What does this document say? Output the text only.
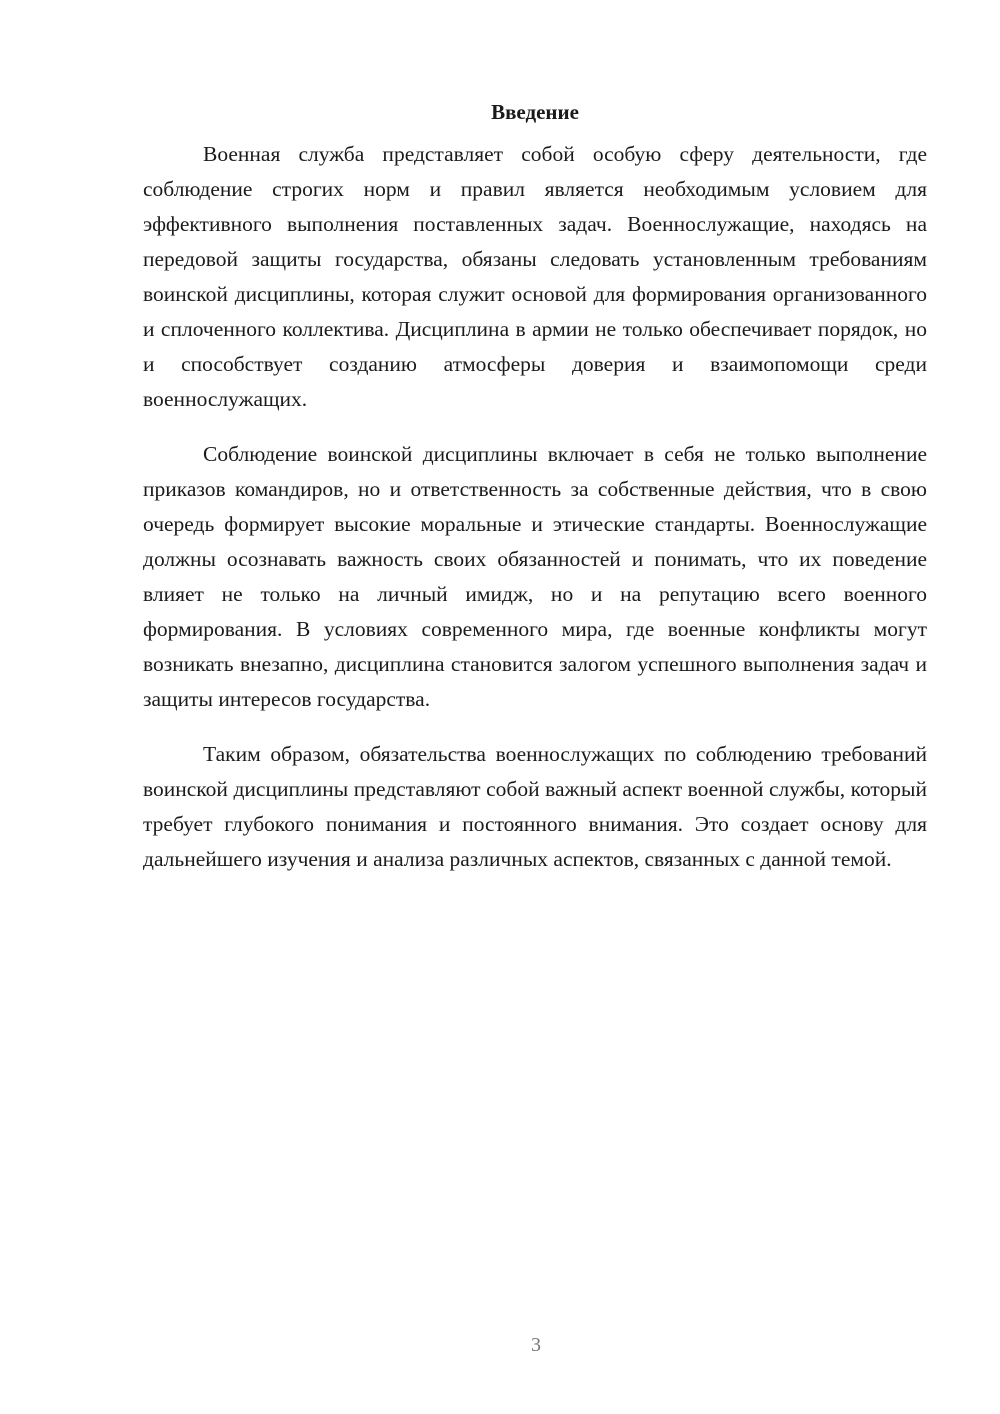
Введение

Военная служба представляет собой особую сферу деятельности, где соблюдение строгих норм и правил является необходимым условием для эффективного выполнения поставленных задач. Военнослужащие, находясь на передовой защиты государства, обязаны следовать установленным требованиям воинской дисциплины, которая служит основой для формирования организованного и сплоченного коллектива. Дисциплина в армии не только обеспечивает порядок, но и способствует созданию атмосферы доверия и взаимопомощи среди военнослужащих.

Соблюдение воинской дисциплины включает в себя не только выполнение приказов командиров, но и ответственность за собственные действия, что в свою очередь формирует высокие моральные и этические стандарты. Военнослужащие должны осознавать важность своих обязанностей и понимать, что их поведение влияет не только на личный имидж, но и на репутацию всего военного формирования. В условиях современного мира, где военные конфликты могут возникать внезапно, дисциплина становится залогом успешного выполнения задач и защиты интересов государства.

Таким образом, обязательства военнослужащих по соблюдению требований воинской дисциплины представляют собой важный аспект военной службы, который требует глубокого понимания и постоянного внимания. Это создает основу для дальнейшего изучения и анализа различных аспектов, связанных с данной темой.

3
